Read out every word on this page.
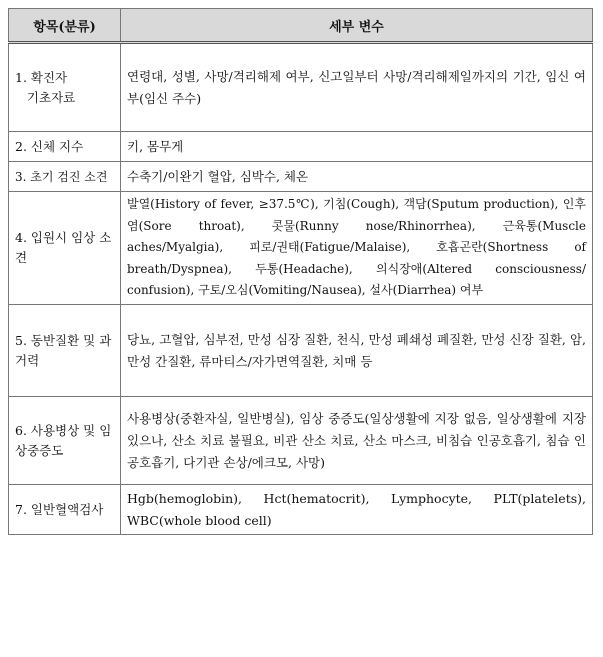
항목(분류)	세부 변수

1. 확진자
기초자료	연령대, 성별, 사망/격리해제 여부, 신고일부터 사망/격리해제일까지의 기간, 임신 여부(임신 주수)
2. 신체 지수	키, 몸무게
3. 초기 검진 소견	수축기/이완기 혈압, 심박수, 체온
4. 입원시 임상 소견	발열(History of fever, ≥37.5℃), 기침(Cough), 객담(Sputum production), 인후염(Sore throat), 콧물(Runny nose/Rhinorrhea), 근육통(Muscle aches/Myalgia), 피로/권태(Fatigue/Malaise), 호흡곤란(Shortness of breath/Dyspnea), 두통(Headache), 의식장애(Altered consciousness/ confusion), 구토/오심(Vomiting/Nausea), 설사(Diarrhea) 여부
5. 동반질환 및 과거력	당뇨, 고혈압, 심부전, 만성 심장 질환, 천식, 만성 폐쇄성 폐질환, 만성 신장 질환, 암, 만성 간질환, 류마티스/자가면역질환, 치매 등
6. 사용병상 및 임상중증도	사용병상(중환자실, 일반병실), 임상 중증도(일상생활에 지장 없음, 일상생활에 지장 있으나, 산소 치료 불필요, 비관 산소 치료, 산소 마스크, 비침습 인공호흡기, 침습 인공호흡기, 다기관 손상/에크모, 사망)
7. 일반혈액검사	Hgb(hemoglobin), Hct(hematocrit), Lymphocyte, PLT(platelets), WBC(whole blood cell)
